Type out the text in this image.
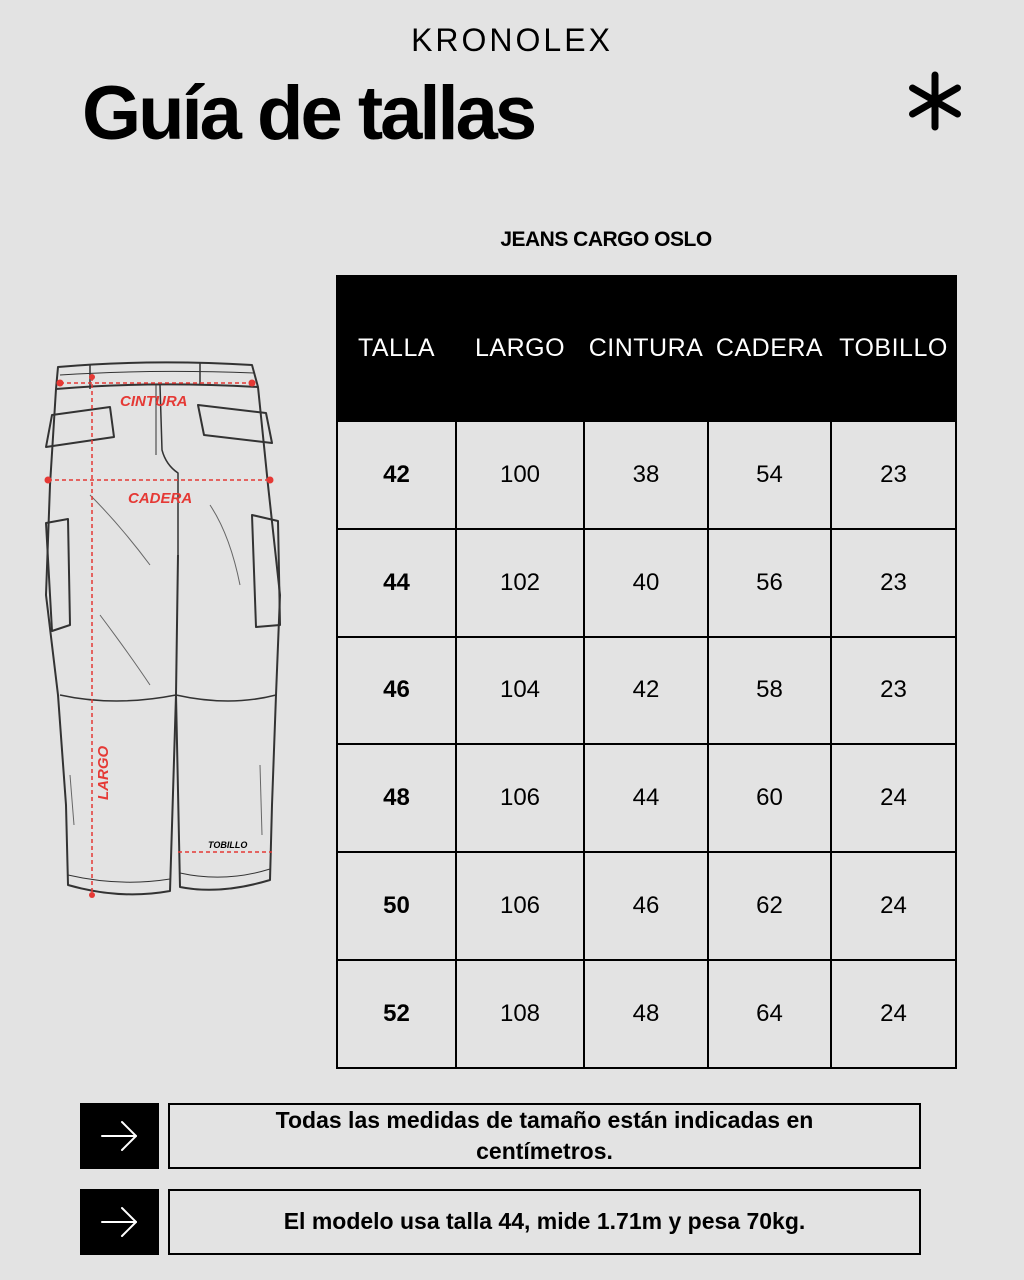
KRONOLEX
Guía de tallas
JEANS CARGO OSLO
CINTURA
CADERA
LARGO
TOBILLO
TALLA	LARGO	CINTURA	CADERA	TOBILLO
42	100	38	54	23
44	102	40	56	23
46	104	42	58	23
48	106	44	60	24
50	106	46	62	24
52	108	48	64	24
Todas las medidas de tamaño están indicadas en centímetros.
El modelo usa talla 44, mide 1.71m y pesa 70kg.
